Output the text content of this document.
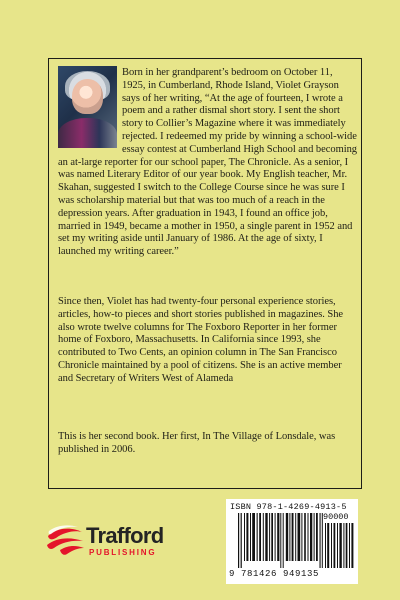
Born in her grandparent’s bedroom on October 11, 1925, in Cumberland, Rhode Island, Violet Grayson says of her writing, “At the age of fourteen, I wrote a poem and a rather dismal short story. I sent the short story to Collier’s Magazine where it was immediately rejected. I redeemed my pride by winning a school-wide essay contest at Cumberland High School and becoming an at-large reporter for our school paper, The Chronicle. As a senior, I was named Literary Editor of our year book. My English teacher, Mr. Skahan, suggested I switch to the College Course since he was sure I was scholarship material but that was too much of a reach in the depression years. After graduation in 1943, I found an office job, married in 1949, became a mother in 1950, a single parent in 1952 and set my writing aside until January of 1986. At the age of sixty, I launched my writing career.”
Since then, Violet has had twenty-four personal experience stories, articles, how-to pieces and short stories published in magazines. She also wrote twelve columns for The Foxboro Reporter in her former home of Foxboro, Massachusetts. In California since 1993, she contributed to Two Cents, an opinion column in The San Francisco Chronicle maintained by a pool of citizens. She is an active member and Secretary of Writers West of Alameda
This is her second book. Her first, In The Village of Lonsdale, was published in 2006.
Trafford
PUBLISHING
ISBN 978-1-4269-4913-5
90000
9 781426 949135
